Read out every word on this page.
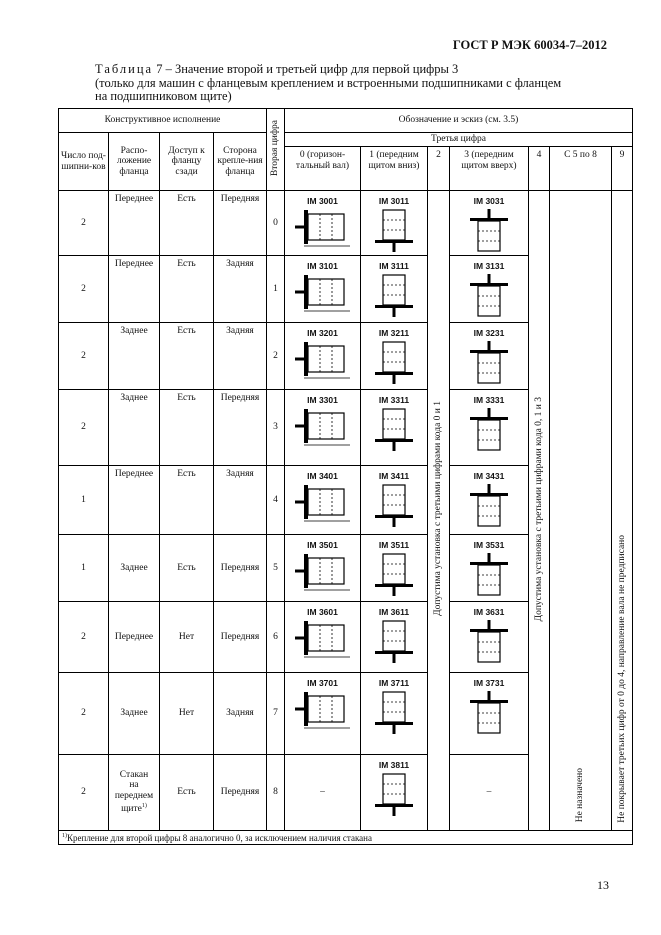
ГОСТ Р МЭК 60034-7–2012
Таблица 7 – Значение второй и третьей цифр для первой цифры 3
(только для машин с фланцевым креплением и встроенными подшипниками с фланцем
на подшипниковом щите)
Конструктивное исполнение				Вторая цифра	Обозначение и эскиз (см. 3.5)						
Число под-шипни-ков	Распо-ложение фланца	Доступ к фланцу сзади	Сторона крепле-ния фланца		Третья цифра						
					0 (горизон-тальный вал)	1 (передним щитом вниз)	2	3 (передним щитом вверх)	4	С 5 по 8	9
2	Переднее	Есть	Передняя	0	IM 3001	IM 3011	Допустима установка с третьими цифрами кода 0 и 1	IM 3031	Допустима установка с третьими цифрами кода 0, 1 и 3	Не назначено	Не покрывает третьих цифр от 0 до 4, направление вала не предписано
2	Переднее	Есть	Задняя	1	IM 3101	IM 3111		IM 3131			

2	Заднее	Есть	Задняя	2	IM 3201	IM 3211		IM 3231			

2	Заднее	Есть	Передняя	3	IM 3301	IM 3311		IM 3331			

1	Переднее	Есть	Задняя	4	IM 3401	IM 3411		IM 3431			

1	Заднее	Есть	Передняя	5	IM 3501	IM 3511		IM 3531			

2	Переднее	Нет	Передняя	6	IM 3601	IM 3611		IM 3631			

2	Заднее	Нет	Задняя	7	IM 3701	IM 3711		IM 3731			

2	Стакан
на
переднем
щите$^{1)}$	Есть	Передняя	8	–	IM 3811		–			
$^{1)}$Крепление для второй цифры 8 аналогично 0, за исключением наличия стакана											
13
